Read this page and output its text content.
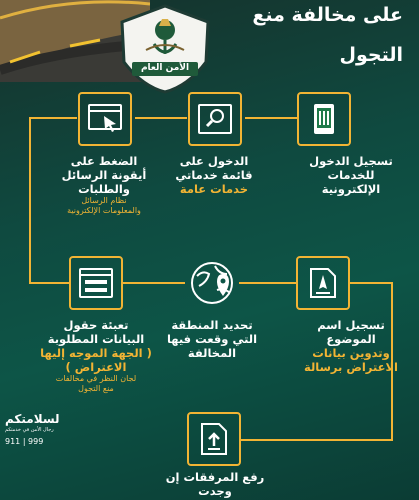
الأمن العام
على مخالفة منع
التجول
تسجيل الدخول
للخدمات
الإلكترونية
الدخول على
قائمة خدماتي
خدمات عامة
الضغط على
أيقونة الرسائل
والطلبات
نظام الرسائل
والمعلومات الإلكترونية
تسجيل اسم
الموضوع
وتدوين بيانات
الاعتراض برسالة
تحديد المنطقة
التي وقعت فيها
المخالفة
تعبئة حقول
البيانات المطلوبة
( الجهة الموجه إليها
الاعتراض )
لجان النظر في مخالفات
منع التجول
رفع المرفقات إن
وجدت
لسلامتكم
رجال الأمن في خدمتكم
911 | 999
